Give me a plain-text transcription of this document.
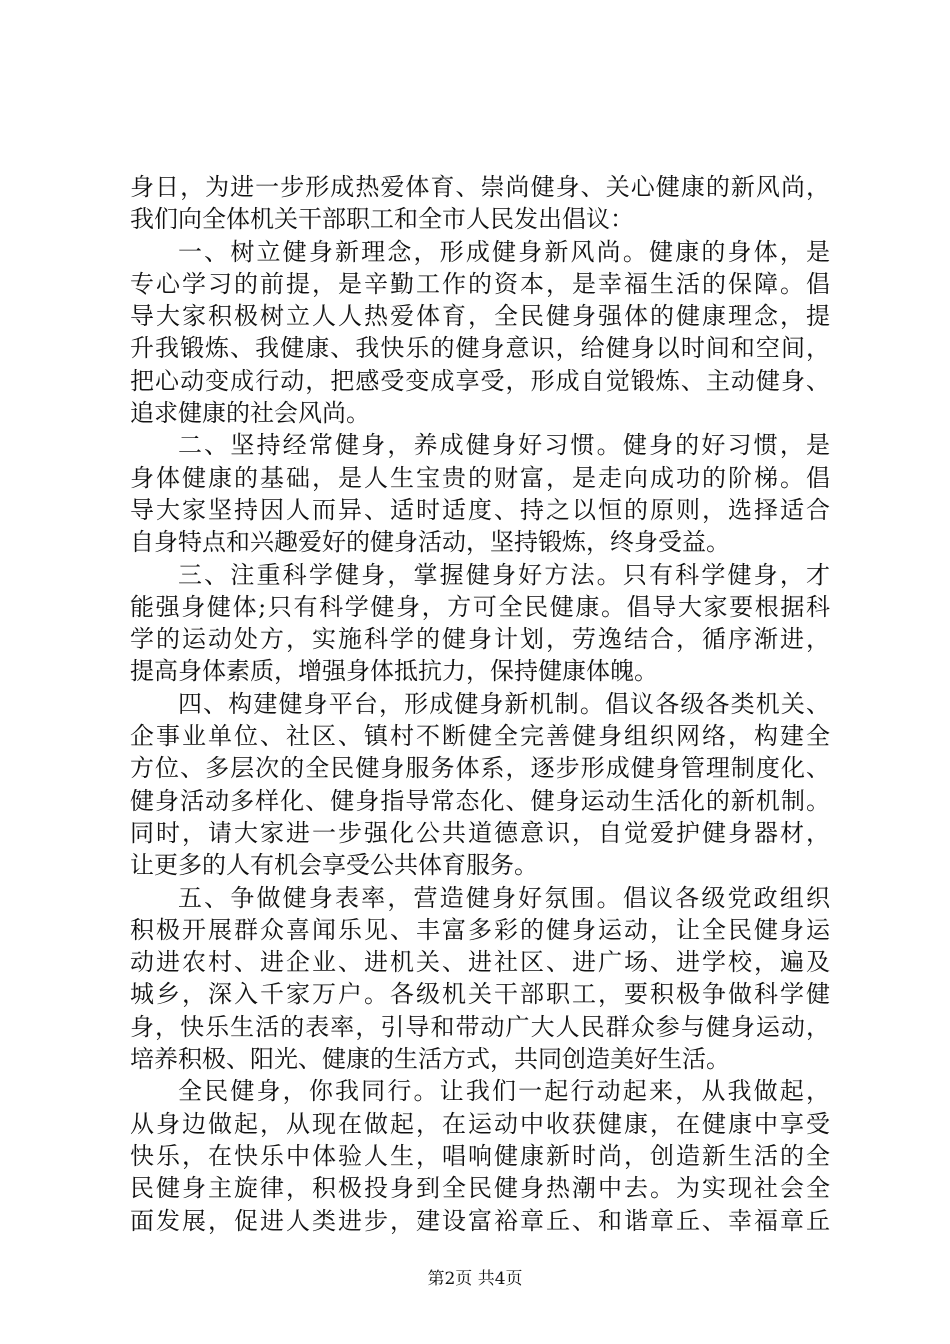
身日，为进一步形成热爱体育、崇尚健身、关心健康的新风尚，
我们向全体机关干部职工和全市人民发出倡议：
一、树立健身新理念，形成健身新风尚。健康的身体，是
专心学习的前提，是辛勤工作的资本，是幸福生活的保障。倡
导大家积极树立人人热爱体育，全民健身强体的健康理念，提
升我锻炼、我健康、我快乐的健身意识，给健身以时间和空间，
把心动变成行动，把感受变成享受，形成自觉锻炼、主动健身、
追求健康的社会风尚。
二、坚持经常健身，养成健身好习惯。健身的好习惯，是
身体健康的基础，是人生宝贵的财富，是走向成功的阶梯。倡
导大家坚持因人而异、适时适度、持之以恒的原则，选择适合
自身特点和兴趣爱好的健身活动，坚持锻炼，终身受益。
三、注重科学健身，掌握健身好方法。只有科学健身，才
能强身健体;只有科学健身，方可全民健康。倡导大家要根据科
学的运动处方，实施科学的健身计划，劳逸结合，循序渐进，
提高身体素质，增强身体抵抗力，保持健康体魄。
四、构建健身平台，形成健身新机制。倡议各级各类机关、
企事业单位、社区、镇村不断健全完善健身组织网络，构建全
方位、多层次的全民健身服务体系，逐步形成健身管理制度化、
健身活动多样化、健身指导常态化、健身运动生活化的新机制。
同时，请大家进一步强化公共道德意识，自觉爱护健身器材，
让更多的人有机会享受公共体育服务。
五、争做健身表率，营造健身好氛围。倡议各级党政组织
积极开展群众喜闻乐见、丰富多彩的健身运动，让全民健身运
动进农村、进企业、进机关、进社区、进广场、进学校，遍及
城乡，深入千家万户。各级机关干部职工，要积极争做科学健
身，快乐生活的表率，引导和带动广大人民群众参与健身运动，
培养积极、阳光、健康的生活方式，共同创造美好生活。
全民健身，你我同行。让我们一起行动起来，从我做起，
从身边做起，从现在做起，在运动中收获健康，在健康中享受
快乐，在快乐中体验人生，唱响健康新时尚，创造新生活的全
民健身主旋律，积极投身到全民健身热潮中去。为实现社会全
面发展，促进人类进步，建设富裕章丘、和谐章丘、幸福章丘
第2页 共4页
